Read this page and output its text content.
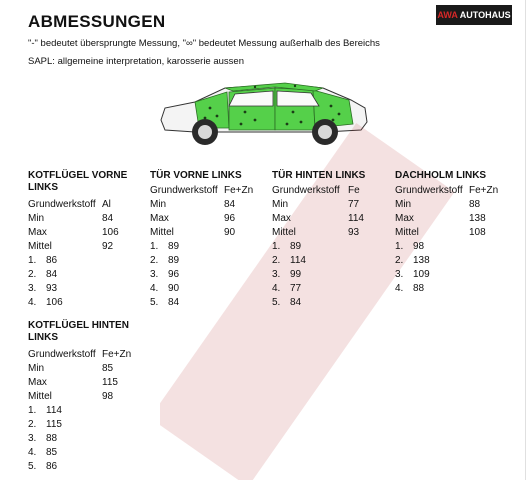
ABMESSUNGEN
"-" bedeutet übersprungte Messung, "∞" bedeutet Messung außerhalb des Bereichs
SAPL: allgemeine interpretation, karosserie aussen
AWA AUTOHAUS
KOTFLÜGEL VORNE
LINKS
Grundwerkstoff Al
Min	84
Max	106
Mittel	92
1. 86
2. 84
3. 93
4. 106
TÜR VORNE LINKS
Grundwerkstoff Fe+Zn
Min	84
Max	96
Mittel	90
1. 89
2. 89
3. 96
4. 90
5. 84
TÜR HINTEN LINKS
Grundwerkstoff Fe
Min	77
Max	114
Mittel	93
1. 89
2. 114
3. 99
4. 77
5. 84
DACHHOLM LINKS
Grundwerkstoff Fe+Zn
Min	88
Max	138
Mittel	108
1. 98
2. 138
3. 109
4. 88
KOTFLÜGEL HINTEN
LINKS
Grundwerkstoff Fe+Zn
Min	85
Max	115
Mittel	98
1. 114
2. 115
3. 88
4. 85
5. 86
